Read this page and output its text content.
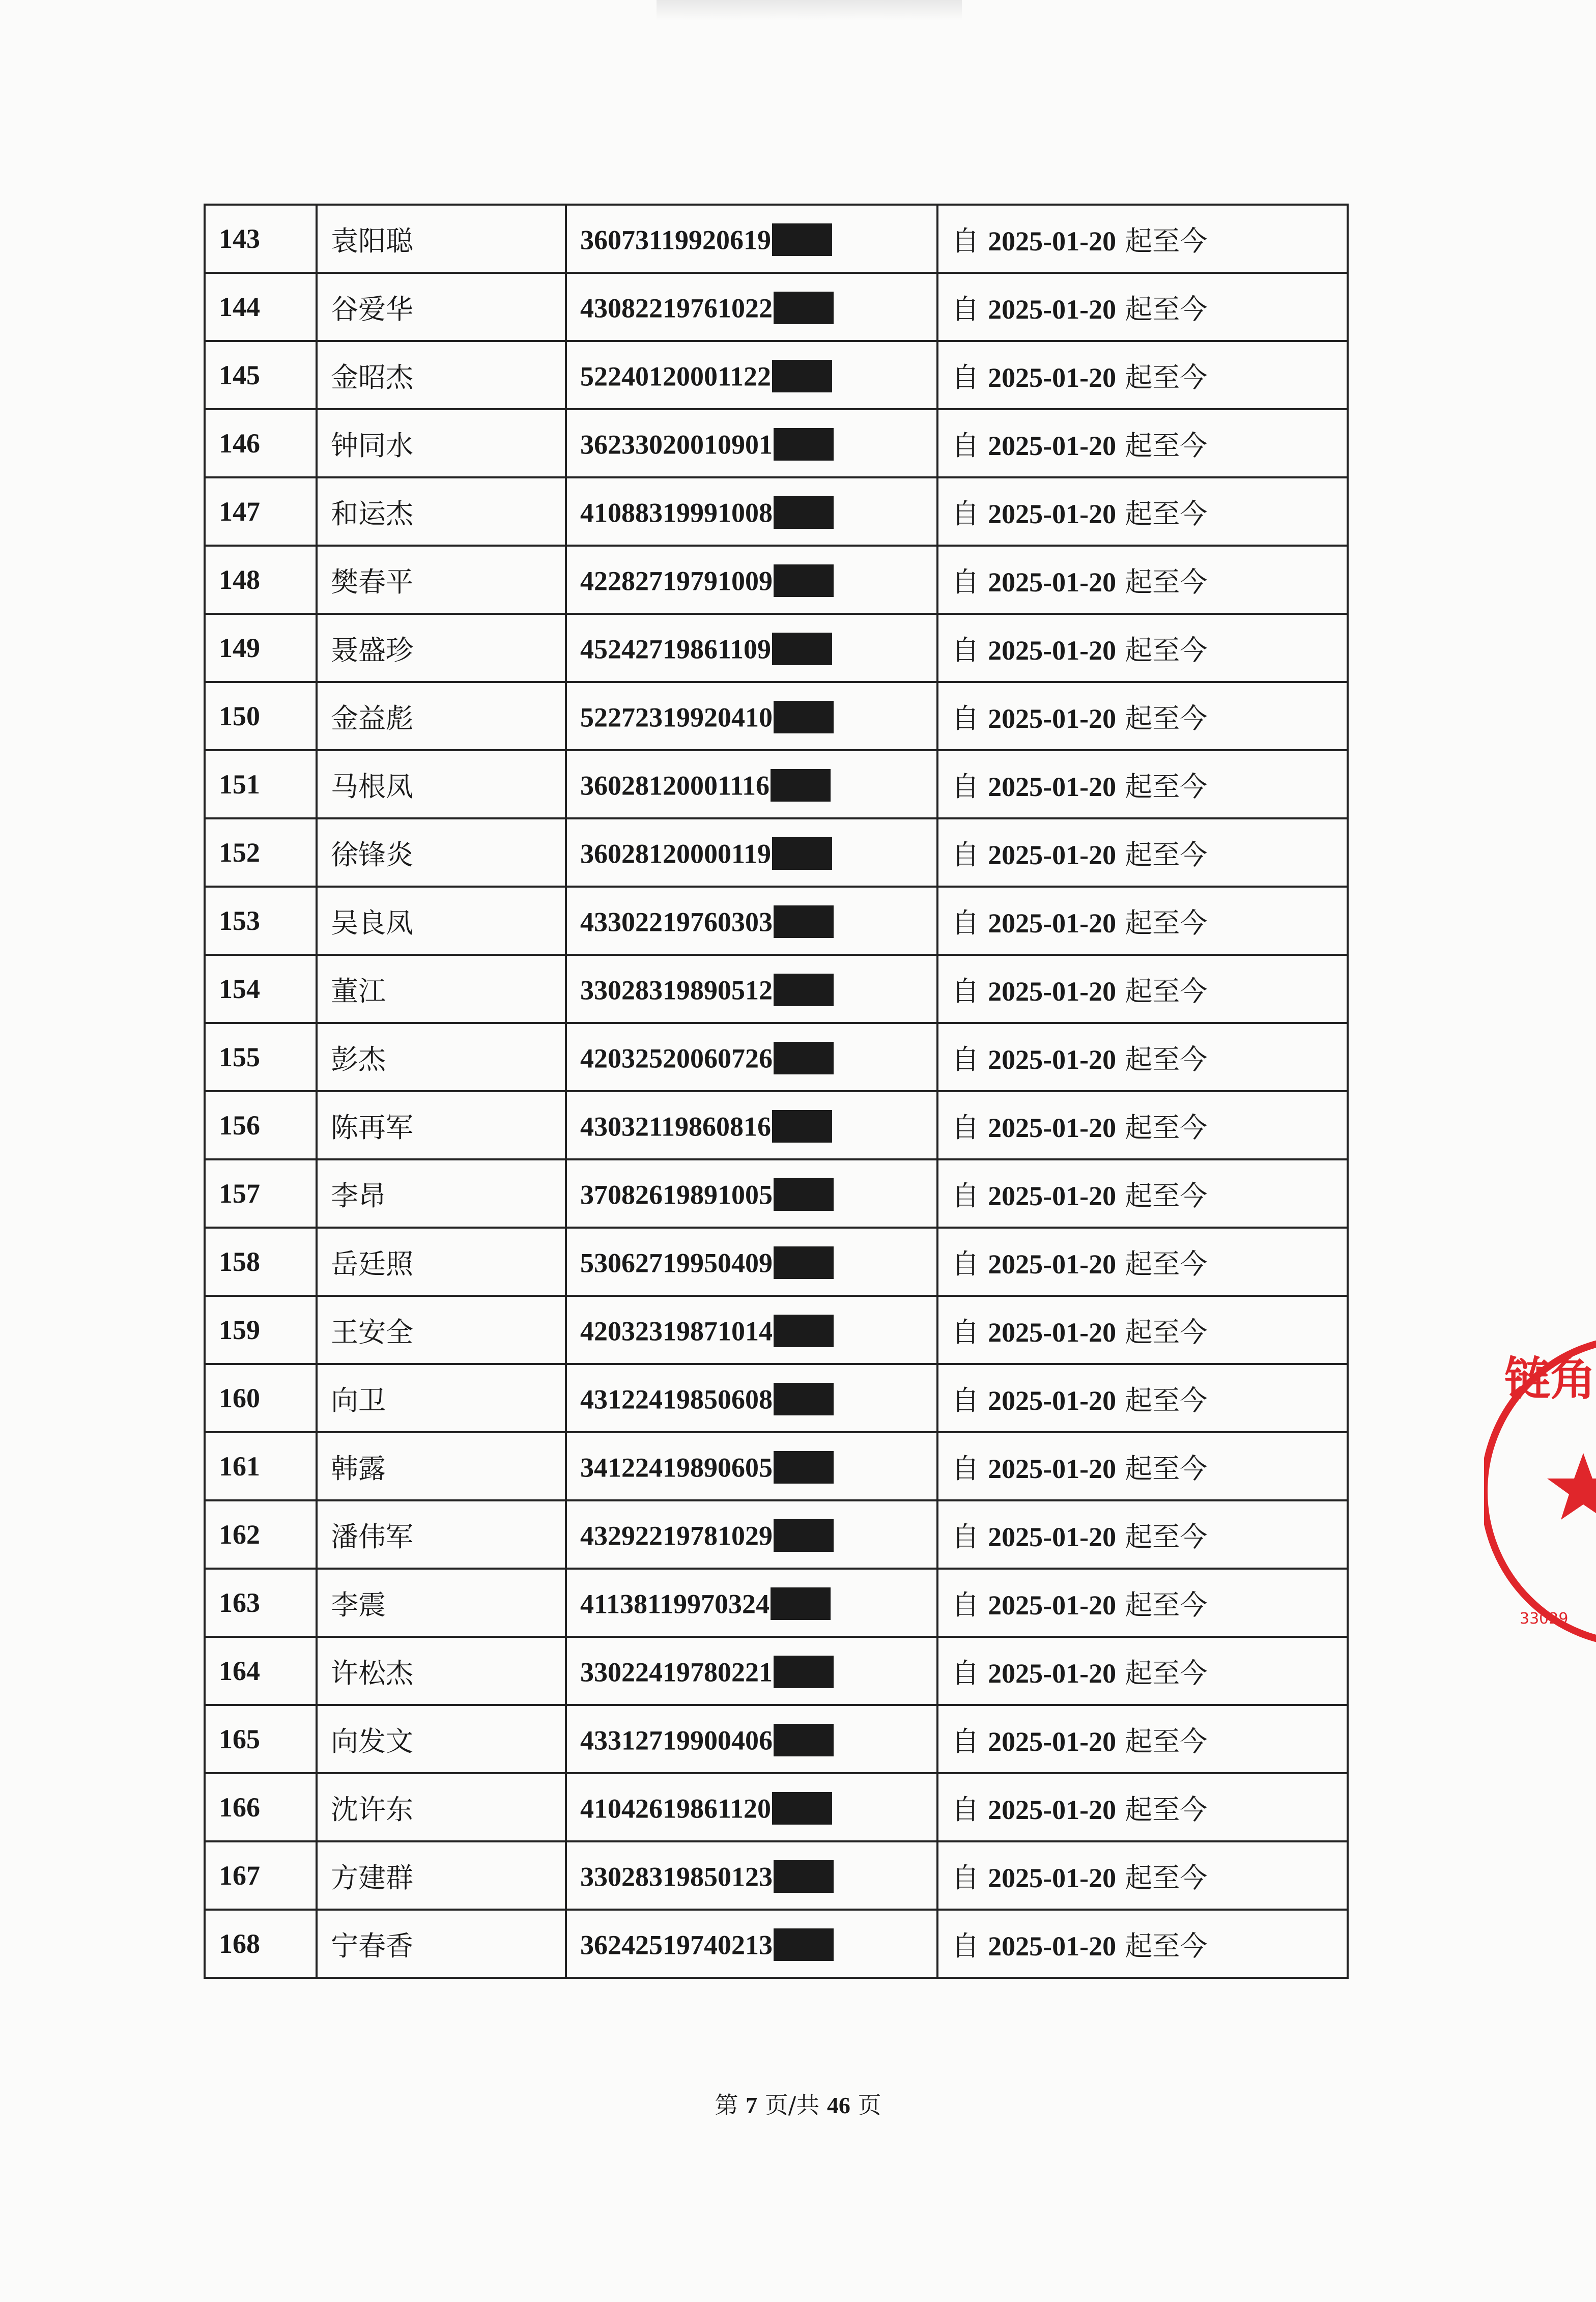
143	袁阳聪	36073119920619	自 2025-01-20 起至今
144	谷爱华	43082219761022	自 2025-01-20 起至今
145	金昭杰	52240120001122	自 2025-01-20 起至今
146	钟同水	36233020010901	自 2025-01-20 起至今
147	和运杰	41088319991008	自 2025-01-20 起至今
148	樊春平	42282719791009	自 2025-01-20 起至今
149	聂盛珍	45242719861109	自 2025-01-20 起至今
150	金益彪	52272319920410	自 2025-01-20 起至今
151	马根凤	36028120001116	自 2025-01-20 起至今
152	徐锋炎	36028120000119	自 2025-01-20 起至今
153	吴良凤	43302219760303	自 2025-01-20 起至今
154	董江	33028319890512	自 2025-01-20 起至今
155	彭杰	42032520060726	自 2025-01-20 起至今
156	陈再军	43032119860816	自 2025-01-20 起至今
157	李昂	37082619891005	自 2025-01-20 起至今
158	岳廷照	53062719950409	自 2025-01-20 起至今
159	王安全	42032319871014	自 2025-01-20 起至今
160	向卫	43122419850608	自 2025-01-20 起至今
161	韩露	34122419890605	自 2025-01-20 起至今
162	潘伟军	43292219781029	自 2025-01-20 起至今
163	李震	41138119970324	自 2025-01-20 起至今
164	许松杰	33022419780221	自 2025-01-20 起至今
165	向发文	43312719900406	自 2025-01-20 起至今
166	沈许东	41042619861120	自 2025-01-20 起至今
167	方建群	33028319850123	自 2025-01-20 起至今
168	宁春香	36242519740213	自 2025-01-20 起至今
第 7 页/共 46 页
链角
33029
